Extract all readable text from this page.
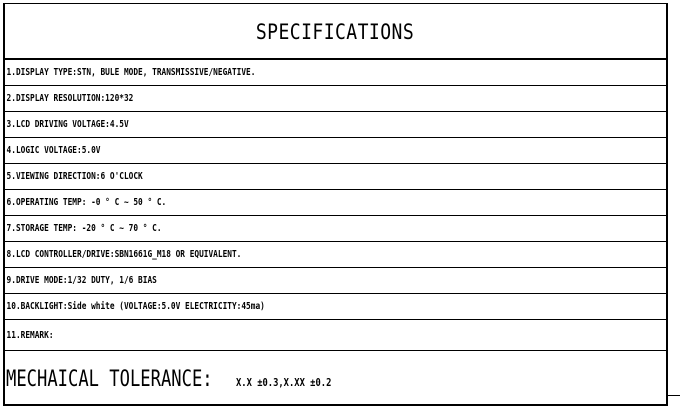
SPECIFICATIONS
1.DISPLAY TYPE:STN, BULE MODE, TRANSMISSIVE/NEGATIVE.
2.DISPLAY RESOLUTION:120*32
3.LCD DRIVING VOLTAGE:4.5V
4.LOGIC VOLTAGE:5.0V
5.VIEWING DIRECTION:6 O'CLOCK
6.OPERATING TEMP: -0 ° C ~ 50 ° C.
7.STORAGE TEMP: -20 ° C ~ 70 ° C.
8.LCD CONTROLLER/DRIVE:SBN1661G_M18 OR EQUIVALENT.
9.DRIVE MODE:1/32 DUTY, 1/6 BIAS
10.BACKLIGHT:Side white (VOLTAGE:5.0V ELECTRICITY:45ma)
11.REMARK:
MECHAICAL TOLERANCE: X.X ±0.3,X.XX ±0.2
